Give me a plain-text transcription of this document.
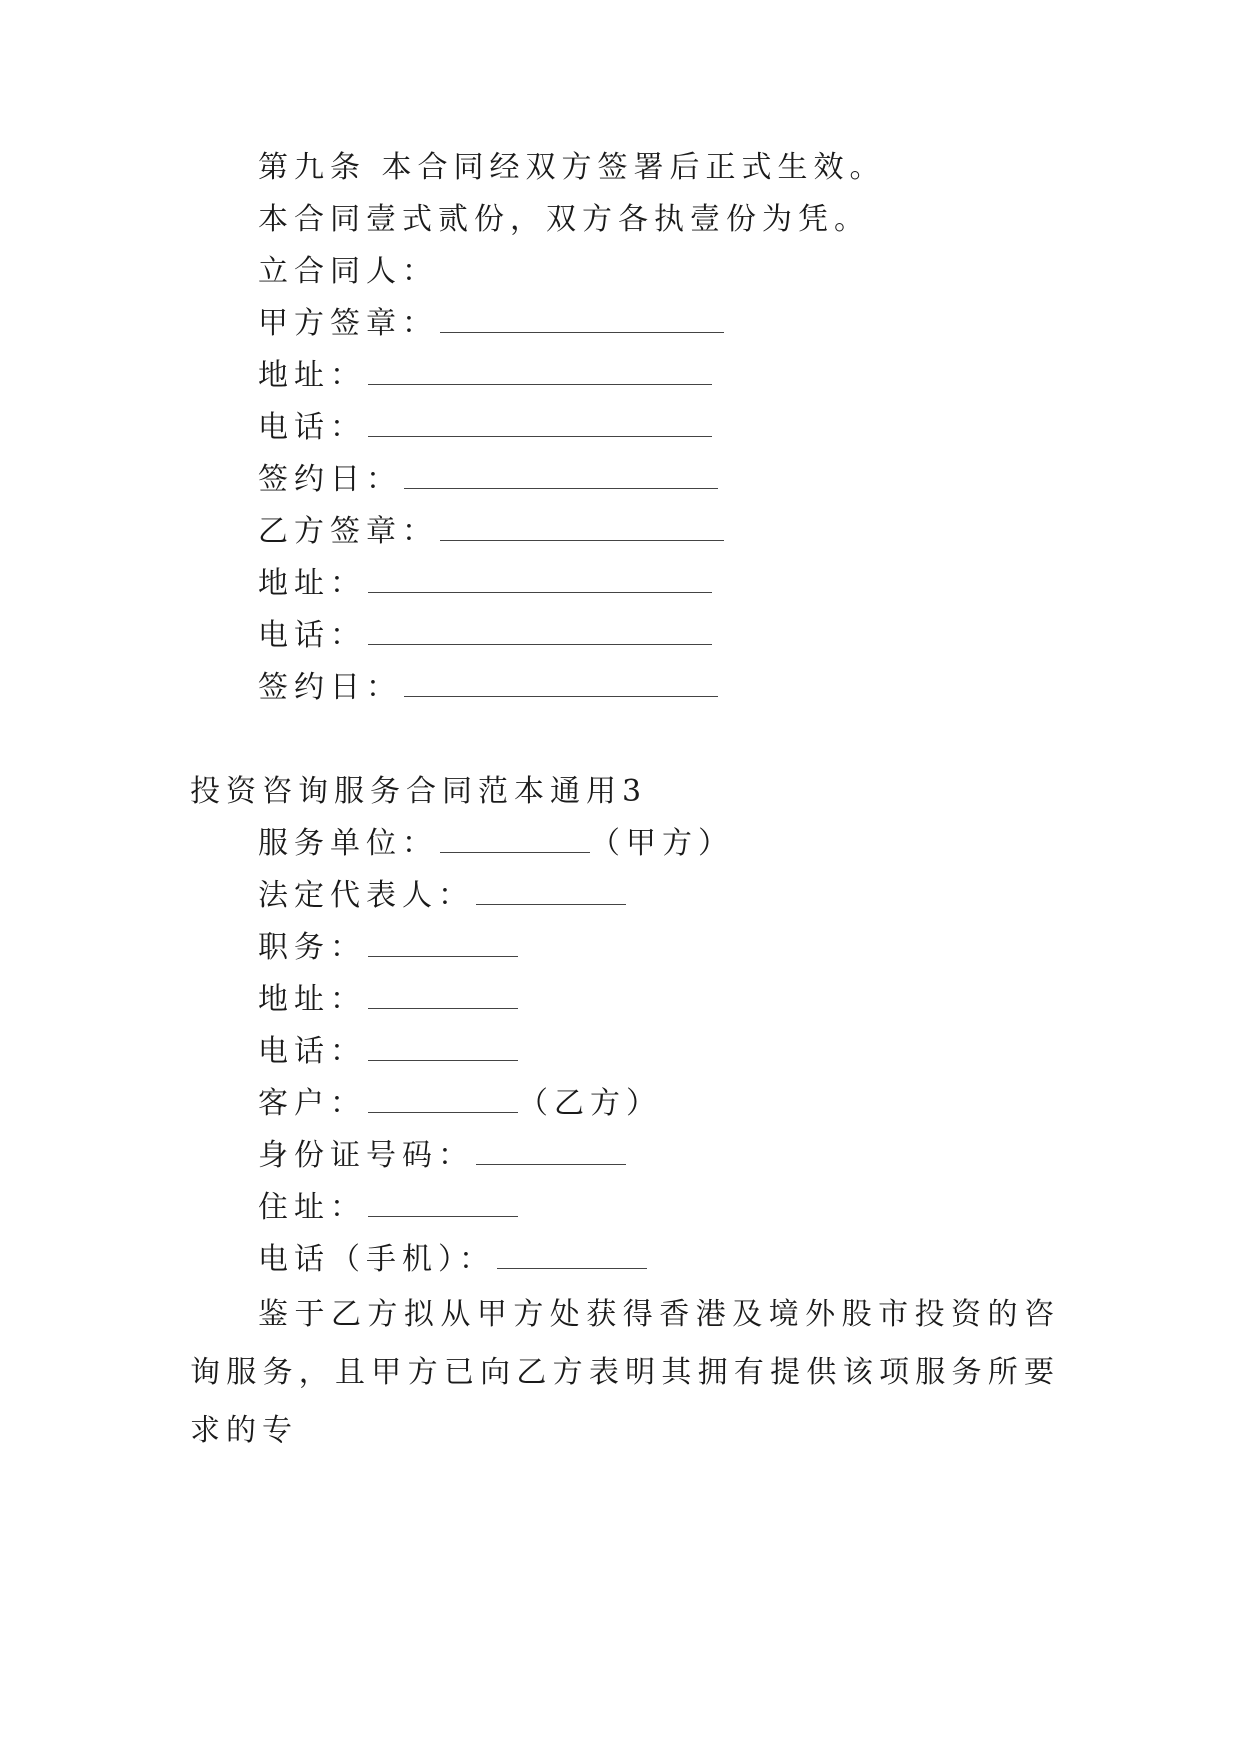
第九条 本合同经双方签署后正式生效。
本合同壹式贰份，双方各执壹份为凭。
立合同人：
甲方签章：
地址：
电话：
签约日：
乙方签章：
地址：
电话：
签约日：
投资咨询服务合同范本通用3
服务单位：	（甲方）
法定代表人：
职务：
地址：
电话：
客户：	（乙方）
身份证号码：
住址：
电话（手机）：
鉴于乙方拟从甲方处获得香港及境外股市投资的咨询服务，且甲方已向乙方表明其拥有提供该项服务所要求的专
